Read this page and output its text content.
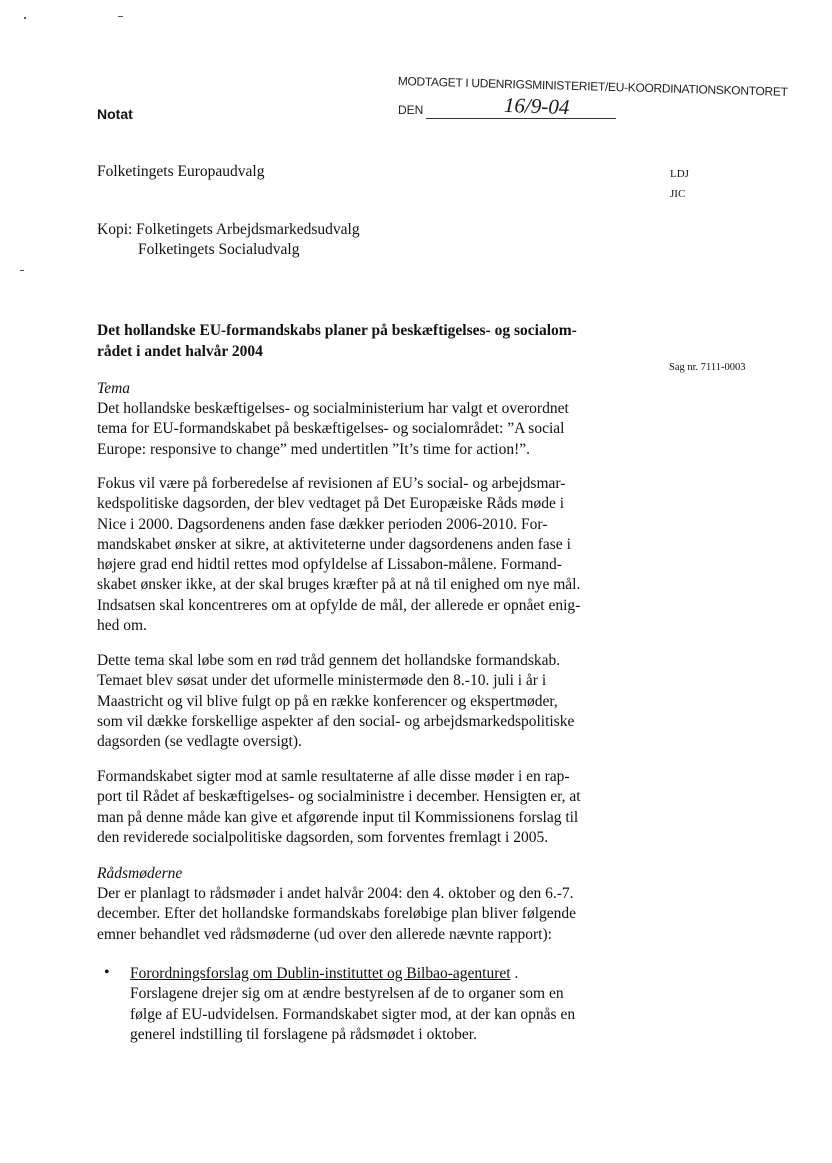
MODTAGET I UDENRIGSMINISTERIET/EU-KOORDINATIONSKONTORET
DEN	16/9-04
Notat
Folketingets Europaudvalg	LDJ
JIC
Kopi: Folketingets Arbejdsmarkedsudvalg
Folketingets Socialudvalg
Det hollandske EU-formandskabs planer på beskæftigelses- og socialom-
rådet i andet halvår 2004
Sag nr. 7111-0003
Tema

Det hollandske beskæftigelses- og socialministerium har valgt et overordnet

tema for EU-formandskabet på beskæftigelses- og socialområdet: ”A social

Europe: responsive to change” med undertitlen ”It’s time for action!”.

Fokus vil være på forberedelse af revisionen af EU’s social- og arbejdsmar-

kedspolitiske dagsorden, der blev vedtaget på Det Europæiske Råds møde i

Nice i 2000. Dagsordenens anden fase dækker perioden 2006-2010. For-

mandskabet ønsker at sikre, at aktiviteterne under dagsordenens anden fase i

højere grad end hidtil rettes mod opfyldelse af Lissabon-målene. Formand-

skabet ønsker ikke, at der skal bruges kræfter på at nå til enighed om nye mål.

Indsatsen skal koncentreres om at opfylde de mål, der allerede er opnået enig-

hed om.

Dette tema skal løbe som en rød tråd gennem det hollandske formandskab.

Temaet blev søsat under det uformelle ministermøde den 8.-10. juli i år i

Maastricht og vil blive fulgt op på en række konferencer og ekspertmøder,

som vil dække forskellige aspekter af den social- og arbejdsmarkedspolitiske

dagsorden (se vedlagte oversigt).

Formandskabet sigter mod at samle resultaterne af alle disse møder i en rap-

port til Rådet af beskæftigelses- og socialministre i december. Hensigten er, at

man på denne måde kan give et afgørende input til Kommissionens forslag til

den reviderede socialpolitiske dagsorden, som forventes fremlagt i 2005.

Rådsmøderne

Der er planlagt to rådsmøder i andet halvår 2004: den 4. oktober og den 6.-7.

december. Efter det hollandske formandskabs foreløbige plan bliver følgende

emner behandlet ved rådsmøderne (ud over den allerede nævnte rapport):

• Forordningsforslag om Dublin-instituttet og Bilbao-agenturet .

Forslagene drejer sig om at ændre bestyrelsen af de to organer som en

følge af EU-udvidelsen. Formandskabet sigter mod, at der kan opnås en

generel indstilling til forslagene på rådsmødet i oktober.
